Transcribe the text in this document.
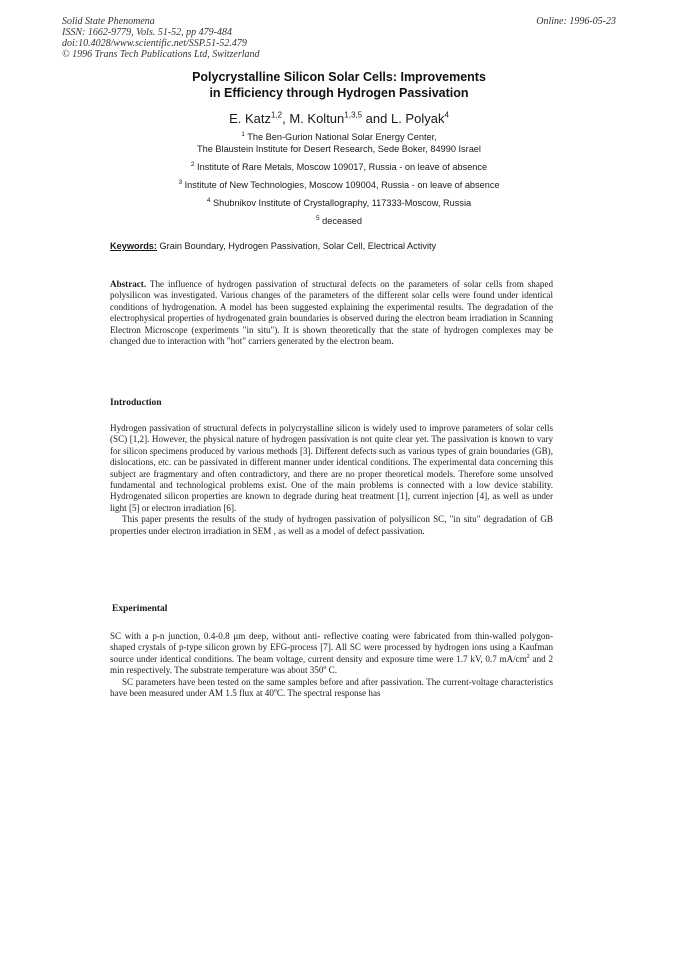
Solid State Phenomena
ISSN: 1662-9779, Vols. 51-52, pp 479-484
doi:10.4028/www.scientific.net/SSP.51-52.479
© 1996 Trans Tech Publications Ltd, Switzerland
Online: 1996-05-23
Polycrystalline Silicon Solar Cells: Improvements
in Efficiency through Hydrogen Passivation
E. Katz$^{1,2}$, M. Koltun$^{1,3,5}$ and L. Polyak$^4$
$^1$ The Ben-Gurion National Solar Energy Center,
The Blaustein Institute for Desert Research, Sede Boker, 84990 Israel
$^2$ Institute of Rare Metals, Moscow 109017, Russia - on leave of absence
$^3$ Institute of New Technologies, Moscow 109004, Russia - on leave of absence
$^4$ Shubnikov Institute of Crystallography, 117333-Moscow, Russia
$^5$ deceased
Keywords: Grain Boundary, Hydrogen Passivation, Solar Cell, Electrical Activity
Abstract. The influence of hydrogen passivation of structural defects on the parameters of solar cells from shaped polysilicon was investigated. Various changes of the parameters of the different solar cells were found under identical conditions of hydrogenation. A model has been suggested explaining the experimental results. The degradation of the electrophysical properties of hydrogenated grain boundaries is observed during the electron beam irradiation in Scanning Electron Microscope (experiments "in situ"). It is shown theoretically that the state of hydrogen complexes may be changed due to interaction with "hot" carriers generated by the electron beam.
Introduction
Hydrogen passivation of structural defects in polycrystalline silicon is widely used to improve parameters of solar cells (SC) [1,2]. However, the physical nature of hydrogen passivation is not quite clear yet. The passivation is known to vary for silicon specimens produced by various methods [3]. Different defects such as various types of grain boundaries (GB), dislocations, etc. can be passivated in different manner under identical conditions. The experimental data concerning this subject are fragmentary and often contradictory, and there are no proper theoretical models. Therefore some unsolved fundamental and technological problems exist. One of the main problems is connected with a low device stability. Hydrogenated silicon properties are known to degrade during heat treatment [1], current injection [4], as well as under light [5] or electron irradiation [6].
This paper presents the results of the study of hydrogen passivation of polysilicon SC, "in situ" degradation of GB properties under electron irradiation in SEM , as well as a model of defect passivation.
Experimental
SC with a p-n junction, 0.4-0.8 μm deep, without anti- reflective coating were fabricated from thin-walled polygon- shaped crystals of p-type silicon grown by EFG-process [7]. All SC were processed by hydrogen ions using a Kaufman source under identical conditions. The beam voltage, current density and exposure time were 1.7 kV, 0.7 $mA/cm^2$ and 2 min respectively. The substrate temperature was about 350$^o$ C.
SC parameters have been tested on the same samples before and after passivation. The current-voltage characteristics have been measured under AM 1.5 flux at 40$^o$C. The spectral response has
